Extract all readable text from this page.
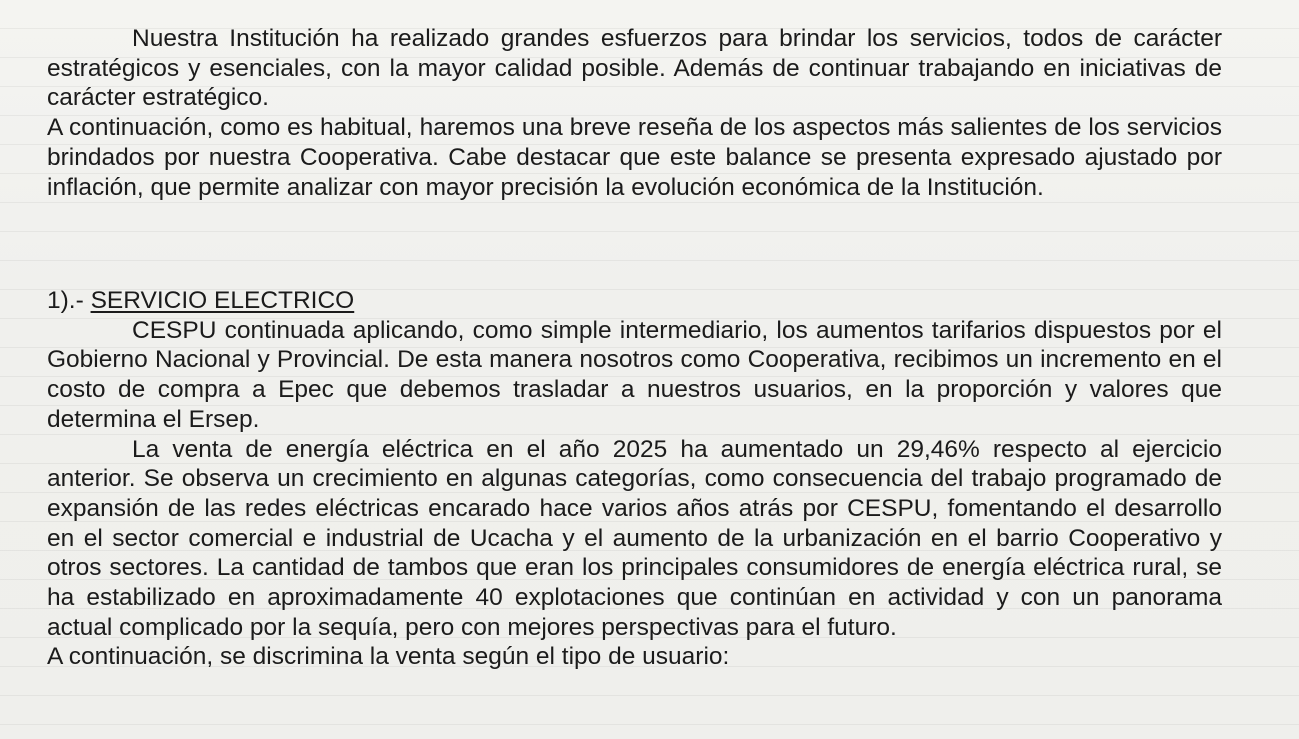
Nuestra Institución ha realizado grandes esfuerzos para brindar los servicios, todos de carácter estratégicos y esenciales, con la mayor calidad posible. Además de continuar trabajando en iniciativas de carácter estratégico.

A continuación, como es habitual, haremos una breve reseña de los aspectos más salientes de los servicios brindados por nuestra Cooperativa. Cabe destacar que este balance se presenta expresado ajustado por inflación, que permite analizar con mayor precisión la evolución económica de la Institución.

1).- SERVICIO ELECTRICO

CESPU continuada aplicando, como simple intermediario, los aumentos tarifarios dispuestos por el Gobierno Nacional y Provincial. De esta manera nosotros como Cooperativa, recibimos un incremento en el costo de compra a Epec que debemos trasladar a nuestros usuarios, en la proporción y valores que determina el Ersep.

La venta de energía eléctrica en el año 2025 ha aumentado un 29,46% respecto al ejercicio anterior. Se observa un crecimiento en algunas categorías, como consecuencia del trabajo programado de expansión de las redes eléctricas encarado hace varios años atrás por CESPU, fomentando el desarrollo en el sector comercial e industrial de Ucacha y el aumento de la urbanización en el barrio Cooperativo y otros sectores. La cantidad de tambos que eran los principales consumidores de energía eléctrica rural, se ha estabilizado en aproximadamente 40 explotaciones que continúan en actividad y con un panorama actual complicado por la sequía, pero con mejores perspectivas para el futuro.

A continuación, se discrimina la venta según el tipo de usuario:
